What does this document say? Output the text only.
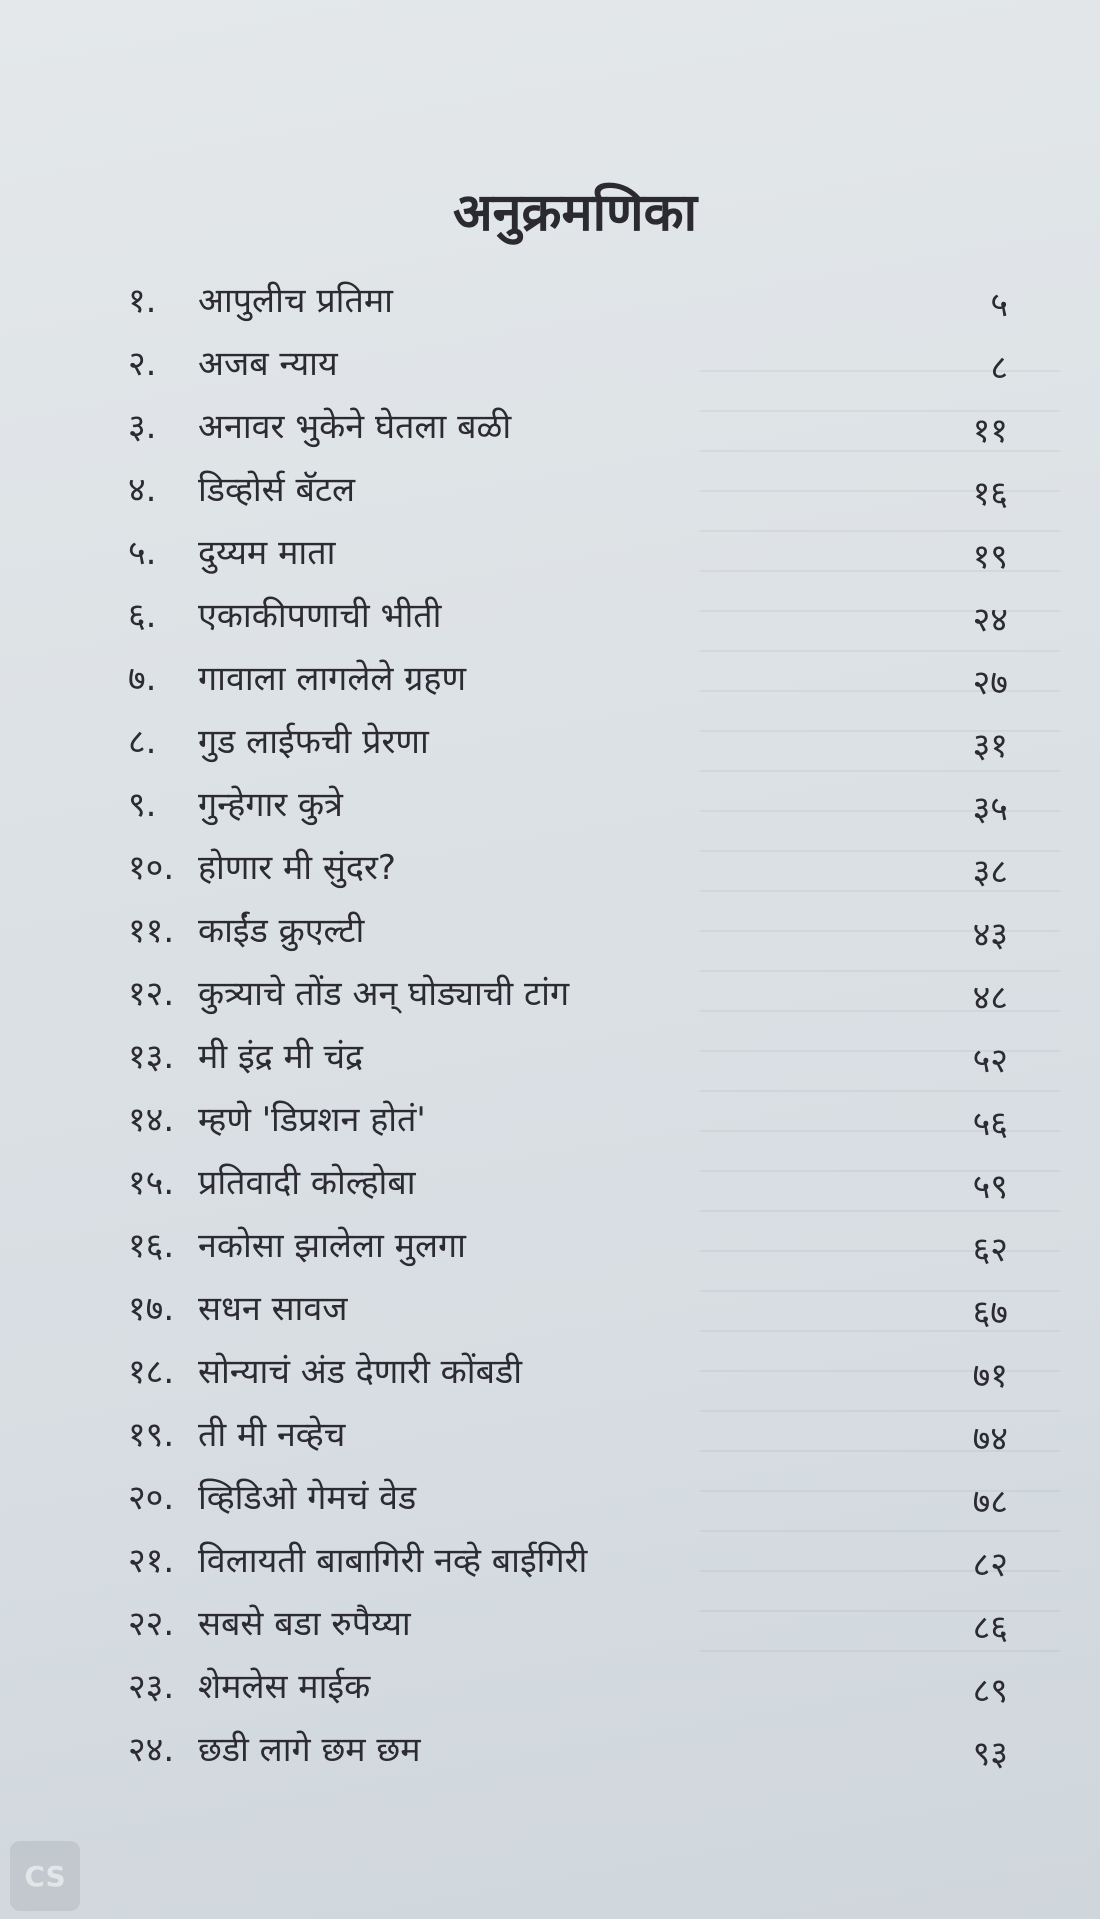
अनुक्रमणिका
१.	आपुलीच प्रतिमा	५
२.	अजब न्याय	८
३.	अनावर भुकेने घेतला बळी	११
४.	डिव्होर्स बॅटल	१६
५.	दुय्यम माता	१९
६.	एकाकीपणाची भीती	२४
७.	गावाला लागलेले ग्रहण	२७
८.	गुड लाईफची प्रेरणा	३१
९.	गुन्हेगार कुत्रे	३५
१०. होणार मी सुंदर?	३८
११. काईंड क्रुएल्टी	४३
१२. कुत्र्याचे तोंड अन् घोड्याची टांग	४८
१३. मी इंद्र मी चंद्र	५२
१४. म्हणे 'डिप्रशन होतं'	५६
१५. प्रतिवादी कोल्होबा	५९
१६. नकोसा झालेला मुलगा	६२
१७. सधन सावज	६७
१८. सोन्याचं अंड देणारी कोंबडी	७१
१९. ती मी नव्हेच	७४
२०. व्हिडिओ गेमचं वेड	७८
२१. विलायती बाबागिरी नव्हे बाईगिरी	८२
२२. सबसे बडा रुपैय्या	८६
२३. शेमलेस माईक	८९
२४. छडी लागे छम छम	९३
CS
